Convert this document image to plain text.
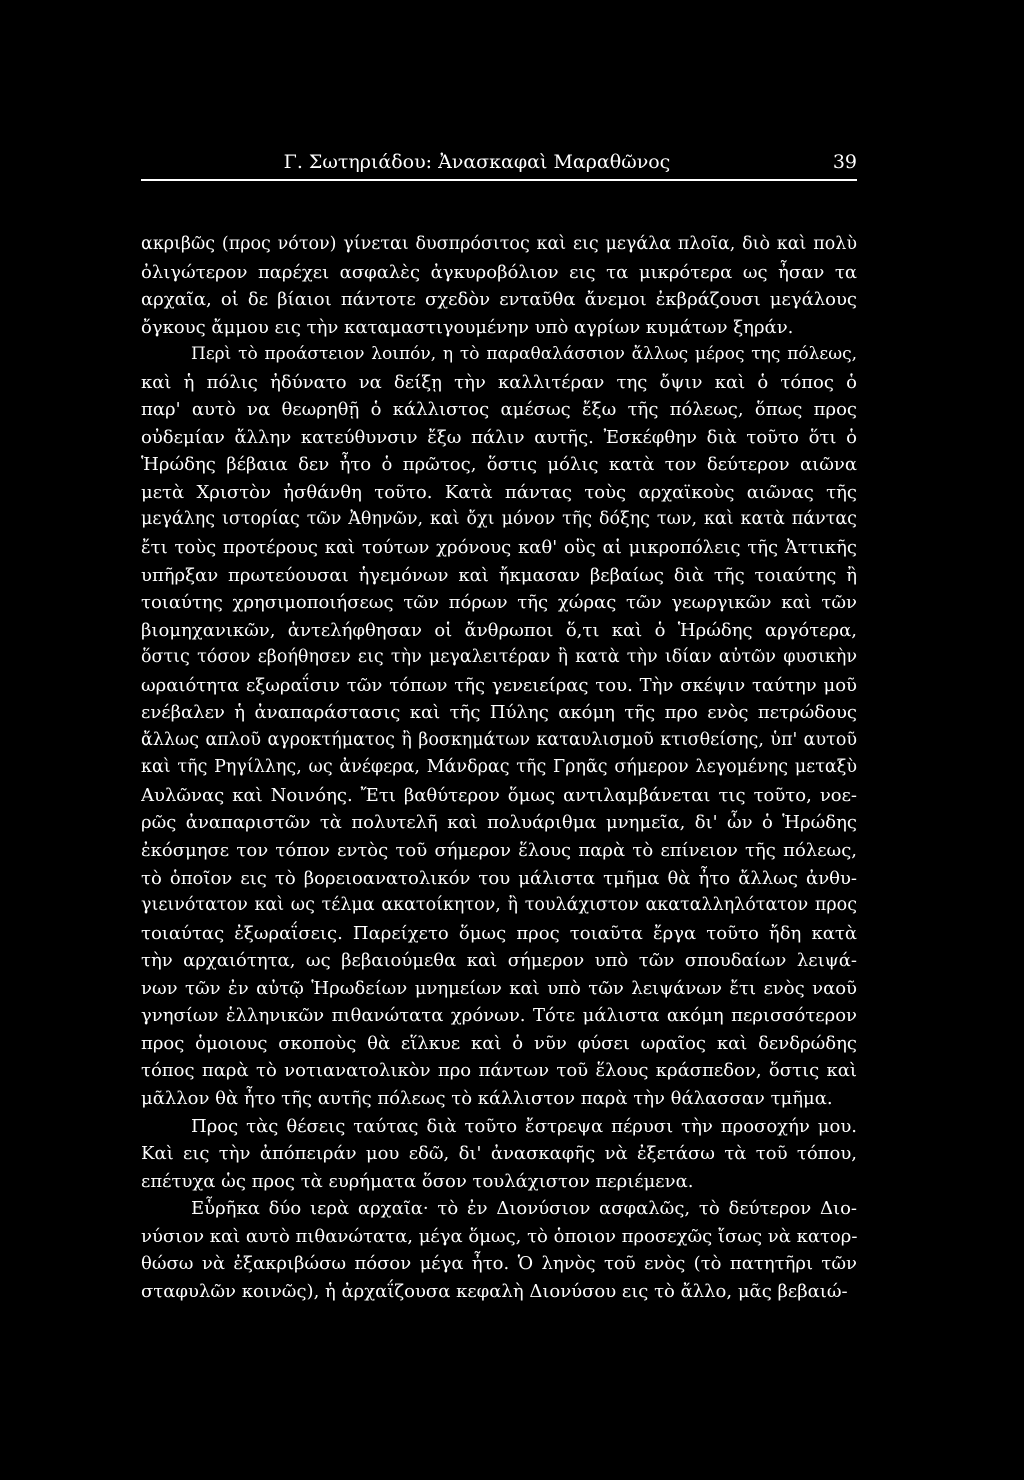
Γ. Σωτηριάδου: Ἀνασκαφαὶ Μαραθῶνος	39
ακριβῶς (προς νότον) γίνεται δυσπρόσιτος καὶ εις μεγάλα πλοῖα, διὸ καὶ πολὺ
ὀλιγώτερον παρέχει ασφαλὲς ἀγκυροβόλιον εις τα μικρότερα ως ἦσαν τα
αρχαῖα, οἱ δε βίαιοι πάντοτε σχεδὸν ενταῦθα ἄνεμοι ἐκβράζουσι μεγάλους
ὄγκους ἄμμου εις τὴν καταμαστιγουμένην υπὸ αγρίων κυμάτων ξηράν.
Περὶ τὸ προάστειον λοιπόν, η τὸ παραθαλάσσιον ἄλλως μέρος της πόλεως,
καὶ ἡ πόλις ἠδύνατο να δείξῃ τὴν καλλιτέραν της ὄψιν καὶ ὁ τόπος ὁ
παρ' αυτὸ να θεωρηθῇ ὁ κάλλιστος αμέσως ἔξω τῆς πόλεως, ὅπως προς
οὐδεμίαν ἄλλην κατεύθυνσιν ἔξω πάλιν αυτῆς. Ἐσκέφθην διὰ τοῦτο ὅτι ὁ
Ἡρώδης βέβαια δεν ἦτο ὁ πρῶτος, ὅστις μόλις κατὰ τον δεύτερον αιῶνα
μετὰ Χριστὸν ἠσθάνθη τοῦτο. Κατὰ πάντας τοὺς αρχαϊκοὺς αιῶνας τῆς
μεγάλης ιστορίας τῶν Ἀθηνῶν, καὶ ὄχι μόνον τῆς δόξης των, καὶ κατὰ πάντας
ἔτι τοὺς προτέρους καὶ τούτων χρόνους καθ' οὓς αἱ μικροπόλεις τῆς Ἀττικῆς
υπῆρξαν πρωτεύουσαι ἡγεμόνων καὶ ἤκμασαν βεβαίως διὰ τῆς τοιαύτης ἢ
τοιαύτης χρησιμοποιήσεως τῶν πόρων τῆς χώρας τῶν γεωργικῶν καὶ τῶν
βιομηχανικῶν, ἀντελήφθησαν οἱ ἄνθρωποι ὅ,τι καὶ ὁ Ἡρώδης αργότερα,
ὅστις τόσον εβοήθησεν εις τὴν μεγαλειτέραν ἢ κατὰ τὴν ιδίαν αὐτῶν φυσικὴν
ωραιότητα εξωραΐσιν τῶν τόπων τῆς γενειείρας του. Τὴν σκέψιν ταύτην μοῦ
ενέβαλεν ἡ ἀναπαράστασις καὶ τῆς Πύλης ακόμη τῆς προ ενὸς πετρώδους
ἄλλως απλοῦ αγροκτήματος ἢ βοσκημάτων καταυλισμοῦ κτισθείσης, ὑπ' αυτοῦ
καὶ τῆς Ρηγίλλης, ως ἀνέφερα, Μάνδρας τῆς Γρηᾶς σήμερον λεγομένης μεταξὺ
Αυλῶνας καὶ Νοινόης. Ἔτι βαθύτερον ὅμως αντιλαμβάνεται τις τοῦτο, νοε-
ρῶς ἀναπαριστῶν τὰ πολυτελῆ καὶ πολυάριθμα μνημεῖα, δι' ὧν ὁ Ἡρώδης
ἐκόσμησε τον τόπον εντὸς τοῦ σήμερον ἕλους παρὰ τὸ επίνειον τῆς πόλεως,
τὸ ὁποῖον εις τὸ βορειοανατολικόν του μάλιστα τμῆμα θὰ ἦτο ἄλλως ἀνθυ-
γιεινότατον καὶ ως τέλμα ακατοίκητον, ἢ τουλάχιστον ακαταλληλότατον προς
τοιαύτας ἐξωραΐσεις. Παρείχετο ὅμως προς τοιαῦτα ἔργα τοῦτο ἤδη κατὰ
τὴν αρχαιότητα, ως βεβαιούμεθα καὶ σήμερον υπὸ τῶν σπουδαίων λειψά-
νων τῶν ἐν αὐτῷ Ἡρωδείων μνημείων καὶ υπὸ τῶν λειψάνων ἔτι ενὸς ναοῦ
γνησίων ἑλληνικῶν πιθανώτατα χρόνων. Τότε μάλιστα ακόμη περισσότερον
προς ὁμοιους σκοποὺς θὰ εἵλκυε καὶ ὁ νῦν φύσει ωραῖος καὶ δενδρώδης
τόπος παρὰ τὸ νοτιανατολικὸν προ πάντων τοῦ ἕλους κράσπεδον, ὅστις καὶ
μᾶλλον θὰ ἦτο τῆς αυτῆς πόλεως τὸ κάλλιστον παρὰ τὴν θάλασσαν τμῆμα.
Προς τὰς θέσεις ταύτας διὰ τοῦτο ἔστρεψα πέρυσι τὴν προσοχήν μου.
Καὶ εις τὴν ἀπόπειράν μου εδῶ, δι' ἀνασκαφῆς νὰ ἐξετάσω τὰ τοῦ τόπου,
επέτυχα ὡς προς τὰ ευρήματα ὅσον τουλάχιστον περιέμενα.
Εὗρῆκα δύο ιερὰ αρχαῖα· τὸ ἐν Διονύσιον ασφαλῶς, τὸ δεύτερον Διο-
νύσιον καὶ αυτὸ πιθανώτατα, μέγα ὅμως, τὸ ὁποιον προσεχῶς ἴσως νὰ κατορ-
θώσω νὰ ἐξακριβώσω πόσον μέγα ἦτο. Ὁ ληνὸς τοῦ ενὸς (τὸ πατητῆρι τῶν
σταφυλῶν κοινῶς), ἡ ἀρχαΐζουσα κεφαλὴ Διονύσου εις τὸ ἄλλο, μᾶς βεβαιώ-
